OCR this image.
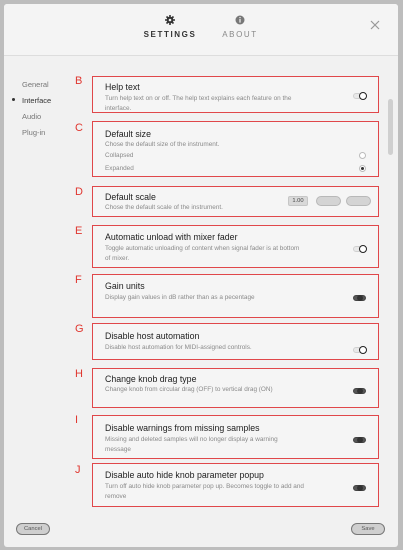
SETTINGS	ABOUT
General
Interface
Audio
Plug-in
B	Help text
Turn help text on or off. The help text explains each feature on the interface.
C	Default size
Chose the default size of the instrument.
Collapsed
Expanded
D	Default scale
Chose the default scale of the instrument.
1.00
E	Automatic unload with mixer fader
Toggle automatic unloading of content when signal fader is at bottom of mixer.
F	Gain units
Display gain values in dB rather than as a pecentage
G
Disable host automation
Disable host automation for MIDI-assigned controls.
H	Change knob drag type
Change knob from circular drag (OFF) to vertical drag (ON)
I
Disable warnings from missing samples
Missing and deleted samples will no longer display a warning message
J	Disable auto hide knob parameter popup
Turn off auto hide knob parameter pop up. Becomes toggle to add and remove
Cancel	Save
